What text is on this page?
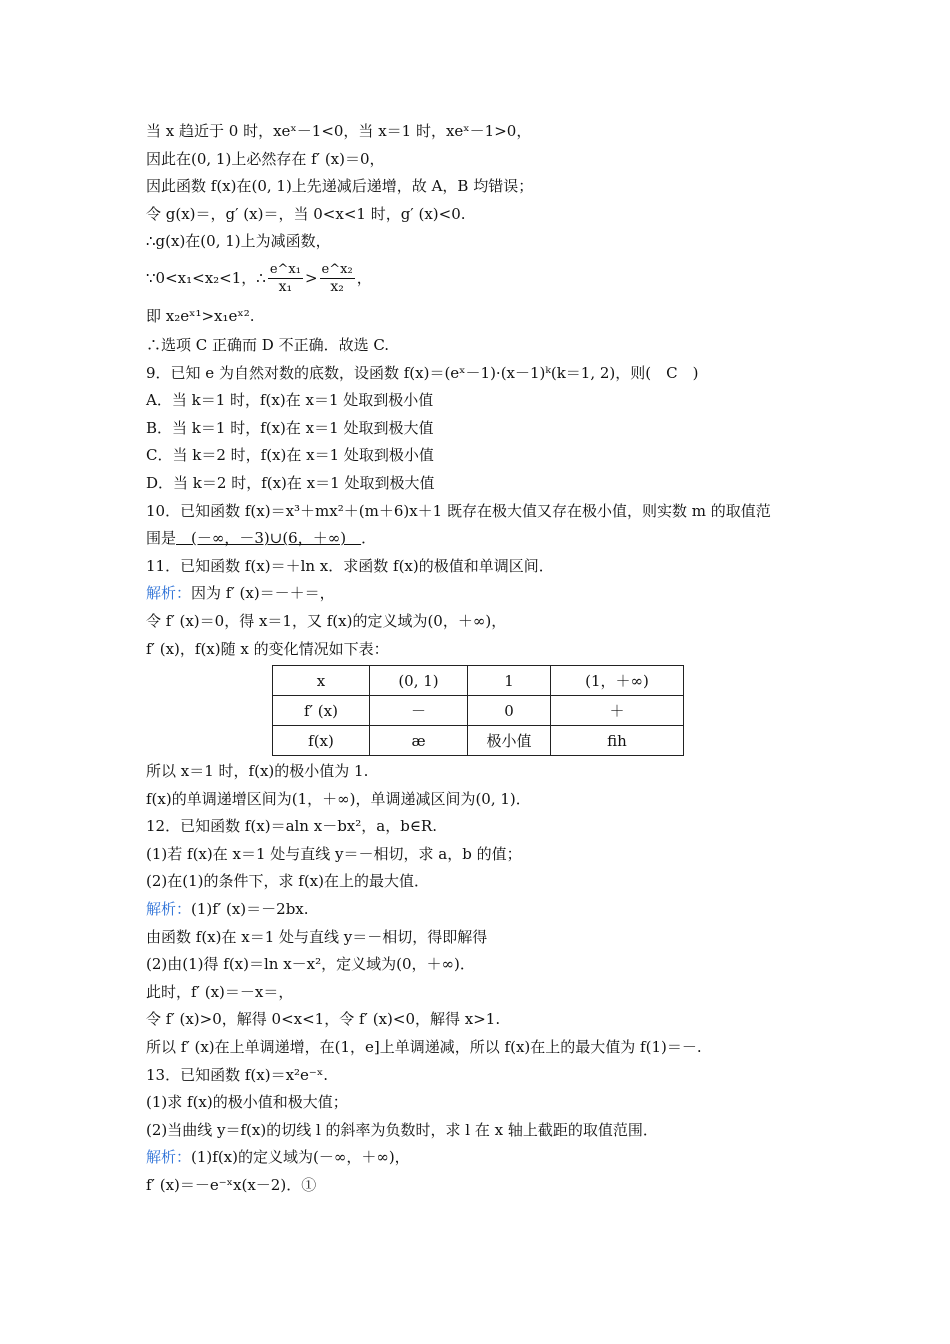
当 x 趋近于 0 时，xeˣ－1<0，当 x＝1 时，xeˣ－1>0，
因此在(0, 1)上必然存在 f′ (x)＝0，
因此函数 f(x)在(0, 1)上先递减后递增，故 A，B 均错误；
令 g(x)＝，g′ (x)＝，当 0<x<1 时，g′ (x)<0.
∴g(x)在(0, 1)上为减函数，
∵0<x₁<x₂<1，∴ $\frac{\text{e\textasciicircum{}x₁}}{\text{x₁}} > \frac{\text{e\textasciicircum{}x₂}}{\text{x₂}}$ ，
即 x₂eˣ¹>x₁eˣ².
∴选项 C 正确而 D 不正确．故选 C.
9．已知 e 为自然对数的底数，设函数 f(x)＝(eˣ－1)·(x－1)ᵏ(k＝1, 2)，则(　C　)
A．当 k＝1 时，f(x)在 x＝1 处取到极小值
B．当 k＝1 时，f(x)在 x＝1 处取到极大值
C．当 k＝2 时，f(x)在 x＝1 处取到极小值
D．当 k＝2 时，f(x)在 x＝1 处取到极大值
10．已知函数 f(x)＝x³＋mx²＋(m＋6)x＋1 既存在极大值又存在极小值，则实数 m 的取值范
围是　(－∞，－3)∪(6，＋∞)　．
11．已知函数 f(x)＝＋ln x．求函数 f(x)的极值和单调区间．
解析：因为 f′ (x)＝－＋＝，
令 f′ (x)＝0，得 x＝1，又 f(x)的定义域为(0，＋∞)，
f′ (x)，f(x)随 x 的变化情况如下表：
x	(0, 1)	1	(1，＋∞)
f′ (x)	－	0	＋
f(x)	æ	极小值	ﬁh
所以 x＝1 时，f(x)的极小值为 1.
f(x)的单调递增区间为(1，＋∞)，单调递减区间为(0, 1)．
12．已知函数 f(x)＝aln x－bx²，a，b∈R.
(1)若 f(x)在 x＝1 处与直线 y＝－相切，求 a，b 的值；
(2)在(1)的条件下，求 f(x)在上的最大值．
解析：(1)f′ (x)＝－2bx.
由函数 f(x)在 x＝1 处与直线 y＝－相切，得即解得
(2)由(1)得 f(x)＝ln x－x²，定义域为(0，＋∞)．
此时，f′ (x)＝－x＝，
令 f′ (x)>0，解得 0<x<1，令 f′ (x)<0，解得 x>1.
所以 f′ (x)在上单调递增，在(1，e]上单调递减，所以 f(x)在上的最大值为 f(1)＝－.
13．已知函数 f(x)＝x²e⁻ˣ.
(1)求 f(x)的极小值和极大值；
(2)当曲线 y＝f(x)的切线 l 的斜率为负数时，求 l 在 x 轴上截距的取值范围．
解析：(1)f(x)的定义域为(－∞，＋∞)，
f′ (x)＝－e⁻ˣx(x－2)．①
